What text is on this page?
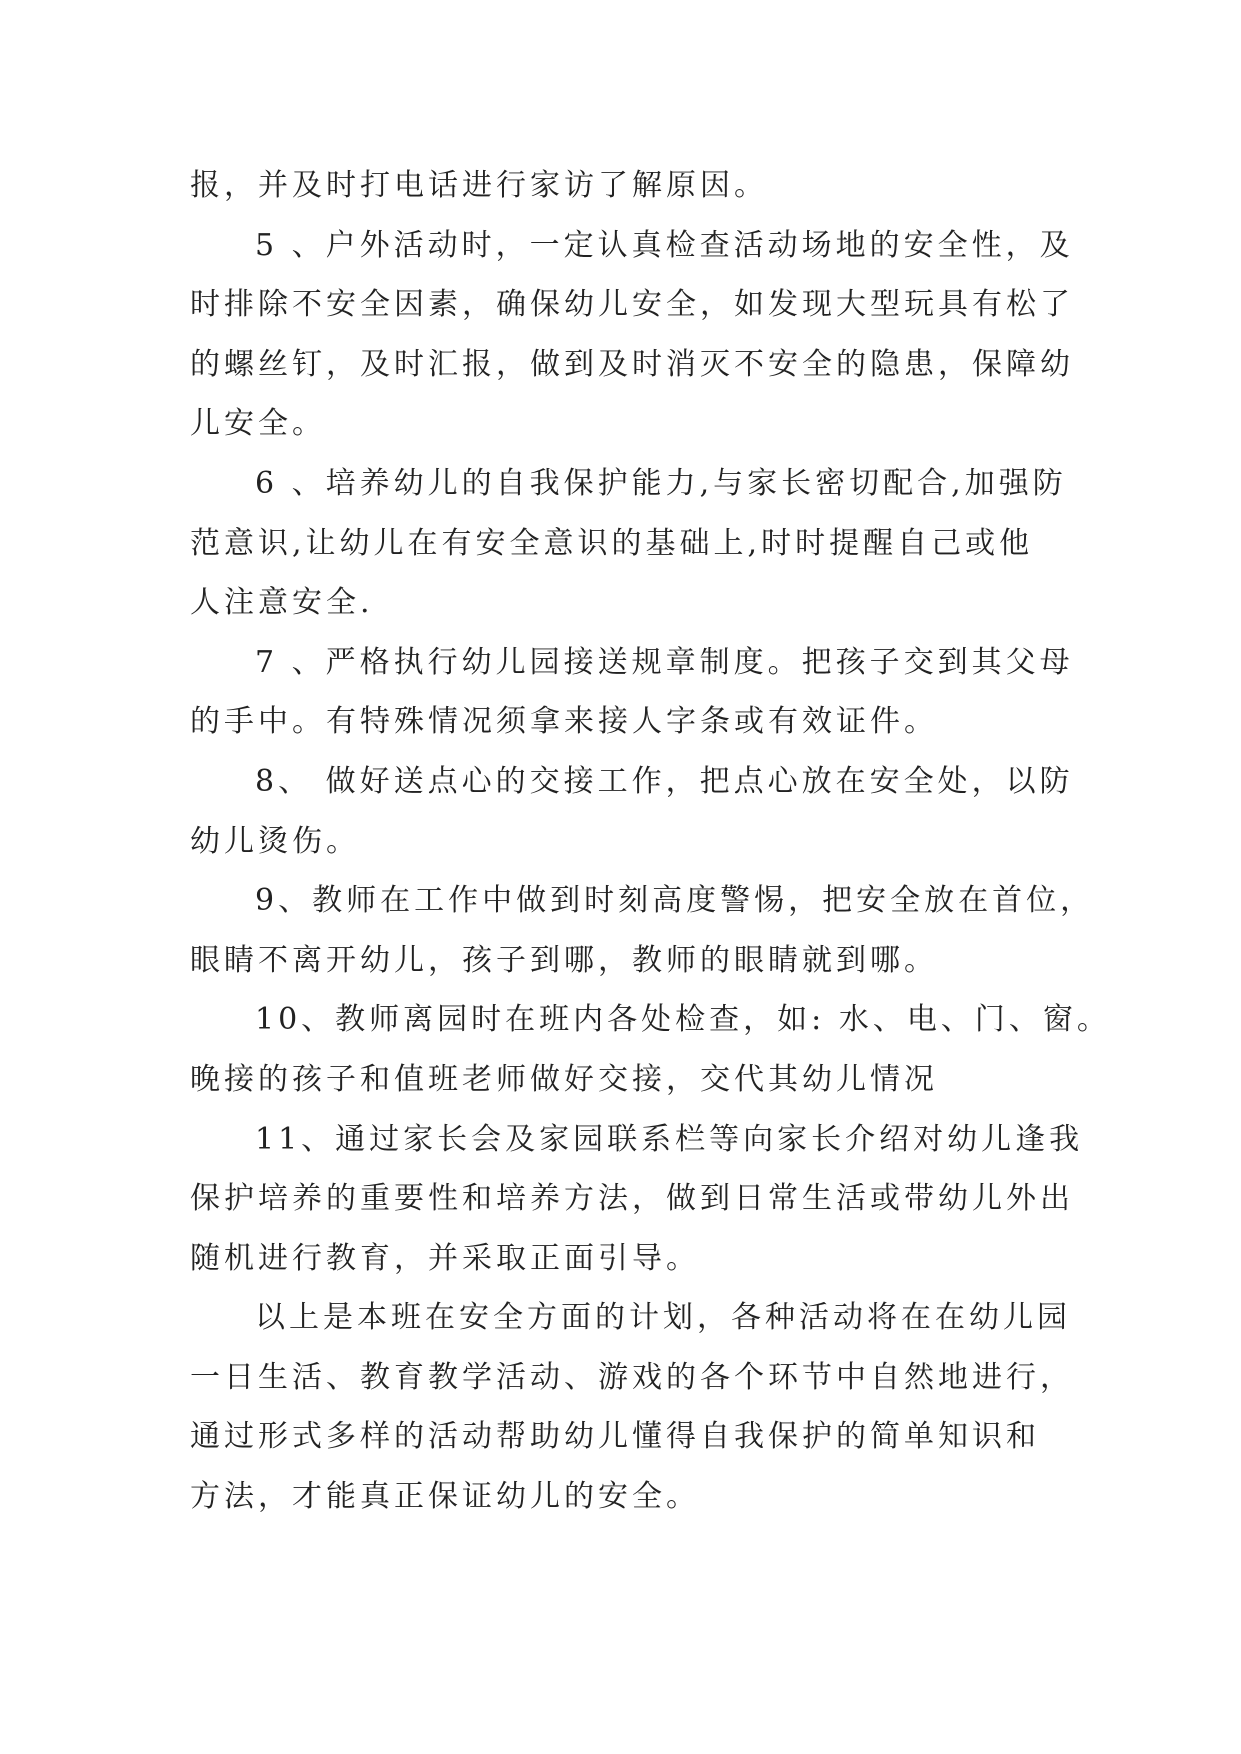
报，并及时打电话进行家访了解原因。
5 、户外活动时，一定认真检查活动场地的安全性，及
时排除不安全因素，确保幼儿安全，如发现大型玩具有松了
的螺丝钉，及时汇报，做到及时消灭不安全的隐患，保障幼
儿安全。
6 、培养幼儿的自我保护能力,与家长密切配合,加强防
范意识,让幼儿在有安全意识的基础上,时时提醒自己或他
人注意安全.
7 、严格执行幼儿园接送规章制度。把孩子交到其父母
的手中。有特殊情况须拿来接人字条或有效证件。
8、 做好送点心的交接工作，把点心放在安全处，以防
幼儿烫伤。
9、教师在工作中做到时刻高度警惕，把安全放在首位，
眼睛不离开幼儿，孩子到哪，教师的眼睛就到哪。
10、教师离园时在班内各处检查，如: 水、电、门、窗。
晚接的孩子和值班老师做好交接，交代其幼儿情况
11、通过家长会及家园联系栏等向家长介绍对幼儿逢我
保护培养的重要性和培养方法，做到日常生活或带幼儿外出
随机进行教育，并采取正面引导。
以上是本班在安全方面的计划，各种活动将在在幼儿园
一日生活、教育教学活动、游戏的各个环节中自然地进行，
通过形式多样的活动帮助幼儿懂得自我保护的简单知识和
方法，才能真正保证幼儿的安全。
